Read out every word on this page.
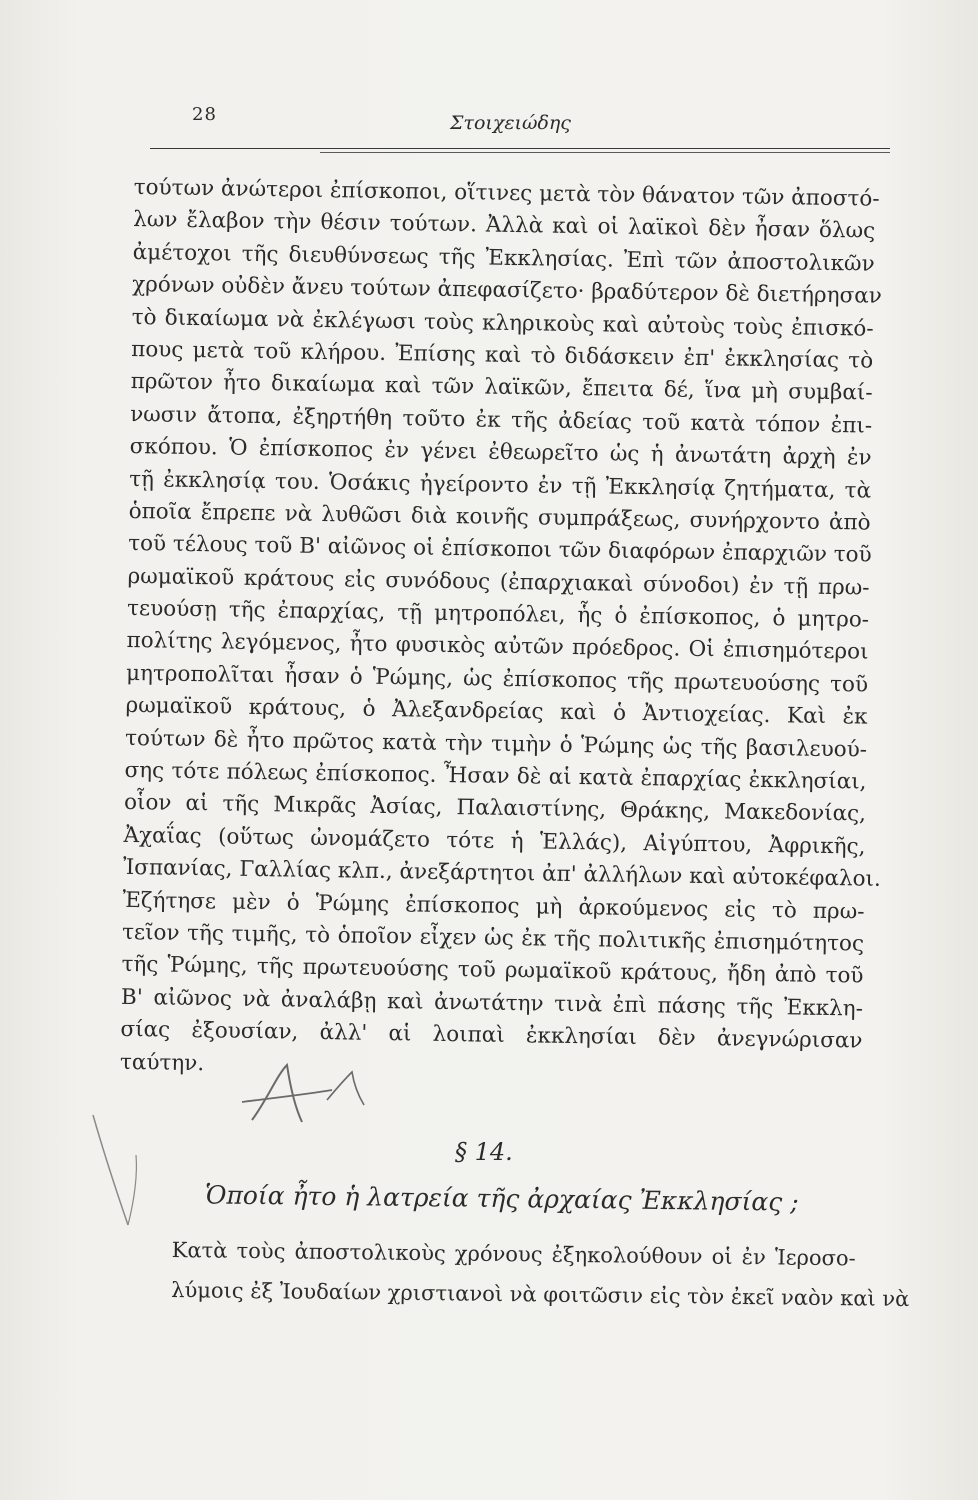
28	Στοιχειώδης
τούτων ἀνώτεροι ἐπίσκοποι, οἵτινες μετὰ τὸν θάνατον τῶν ἀποστό-
λων ἔλαβον τὴν θέσιν τούτων. Ἀλλὰ καὶ οἱ λαϊκοὶ δὲν ἦσαν ὅλως
ἀμέτοχοι τῆς διευθύνσεως τῆς Ἐκκλησίας. Ἐπὶ τῶν ἀποστολικῶν
χρόνων οὐδὲν ἄνευ τούτων ἀπεφασίζετο· βραδύτερον δὲ διετήρησαν
τὸ δικαίωμα νὰ ἐκλέγωσι τοὺς κληρικοὺς καὶ αὐτοὺς τοὺς ἐπισκό-
πους μετὰ τοῦ κλήρου. Ἐπίσης καὶ τὸ διδάσκειν ἐπ' ἐκκλησίας τὸ
πρῶτον ἦτο δικαίωμα καὶ τῶν λαϊκῶν, ἔπειτα δέ, ἵνα μὴ συμβαί-
νωσιν ἄτοπα, ἐξηρτήθη τοῦτο ἐκ τῆς ἀδείας τοῦ κατὰ τόπον ἐπι-
σκόπου. Ὁ ἐπίσκοπος ἐν γένει ἐθεωρεῖτο ὡς ἡ ἀνωτάτη ἀρχὴ ἐν
τῇ ἐκκλησίᾳ του. Ὁσάκις ἠγείροντο ἐν τῇ Ἐκκλησίᾳ ζητήματα, τὰ
ὁποῖα ἔπρεπε νὰ λυθῶσι διὰ κοινῆς συμπράξεως, συνήρχοντο ἀπὸ
τοῦ τέλους τοῦ Β' αἰῶνος οἱ ἐπίσκοποι τῶν διαφόρων ἐπαρχιῶν τοῦ
ρωμαϊκοῦ κράτους εἰς συνόδους (ἐπαρχιακαὶ σύνοδοι) ἐν τῇ πρω-
τευούσῃ τῆς ἐπαρχίας, τῇ μητροπόλει, ἧς ὁ ἐπίσκοπος, ὁ μητρο-
πολίτης λεγόμενος, ἦτο φυσικὸς αὐτῶν πρόεδρος. Οἱ ἐπισημότεροι
μητροπολῖται ἦσαν ὁ Ῥώμης, ὡς ἐπίσκοπος τῆς πρωτευούσης τοῦ
ρωμαϊκοῦ κράτους, ὁ Ἀλεξανδρείας καὶ ὁ Ἀντιοχείας. Καὶ ἐκ
τούτων δὲ ἦτο πρῶτος κατὰ τὴν τιμὴν ὁ Ῥώμης ὡς τῆς βασιλευού-
σης τότε πόλεως ἐπίσκοπος. Ἦσαν δὲ αἱ κατὰ ἐπαρχίας ἐκκλησίαι,
οἷον αἱ τῆς Μικρᾶς Ἀσίας, Παλαιστίνης, Θράκης, Μακεδονίας,
Ἀχαΐας (οὕτως ὠνομάζετο τότε ἡ Ἑλλάς), Αἰγύπτου, Ἀφρικῆς,
Ἰσπανίας, Γαλλίας κλπ., ἀνεξάρτητοι ἀπ' ἀλλήλων καὶ αὐτοκέφαλοι.
Ἐζήτησε μὲν ὁ Ῥώμης ἐπίσκοπος μὴ ἀρκούμενος εἰς τὸ πρω-
τεῖον τῆς τιμῆς, τὸ ὁποῖον εἶχεν ὡς ἐκ τῆς πολιτικῆς ἐπισημότητος
τῆς Ῥώμης, τῆς πρωτευούσης τοῦ ρωμαϊκοῦ κράτους, ἤδη ἀπὸ τοῦ
Β' αἰῶνος νὰ ἀναλάβῃ καὶ ἀνωτάτην τινὰ ἐπὶ πάσης τῆς Ἐκκλη-
σίας ἐξουσίαν, ἀλλ' αἱ λοιπαὶ ἐκκλησίαι δὲν ἀνεγνώρισαν
ταύτην.
§ 14.
Ὁποία ἦτο ἡ λατρεία τῆς ἀρχαίας Ἐκκλησίας ;
Κατὰ τοὺς ἀποστολικοὺς χρόνους ἐξηκολούθουν οἱ ἐν Ἱεροσο-
λύμοις ἐξ Ἰουδαίων χριστιανοὶ νὰ φοιτῶσιν εἰς τὸν ἐκεῖ ναὸν καὶ νὰ
